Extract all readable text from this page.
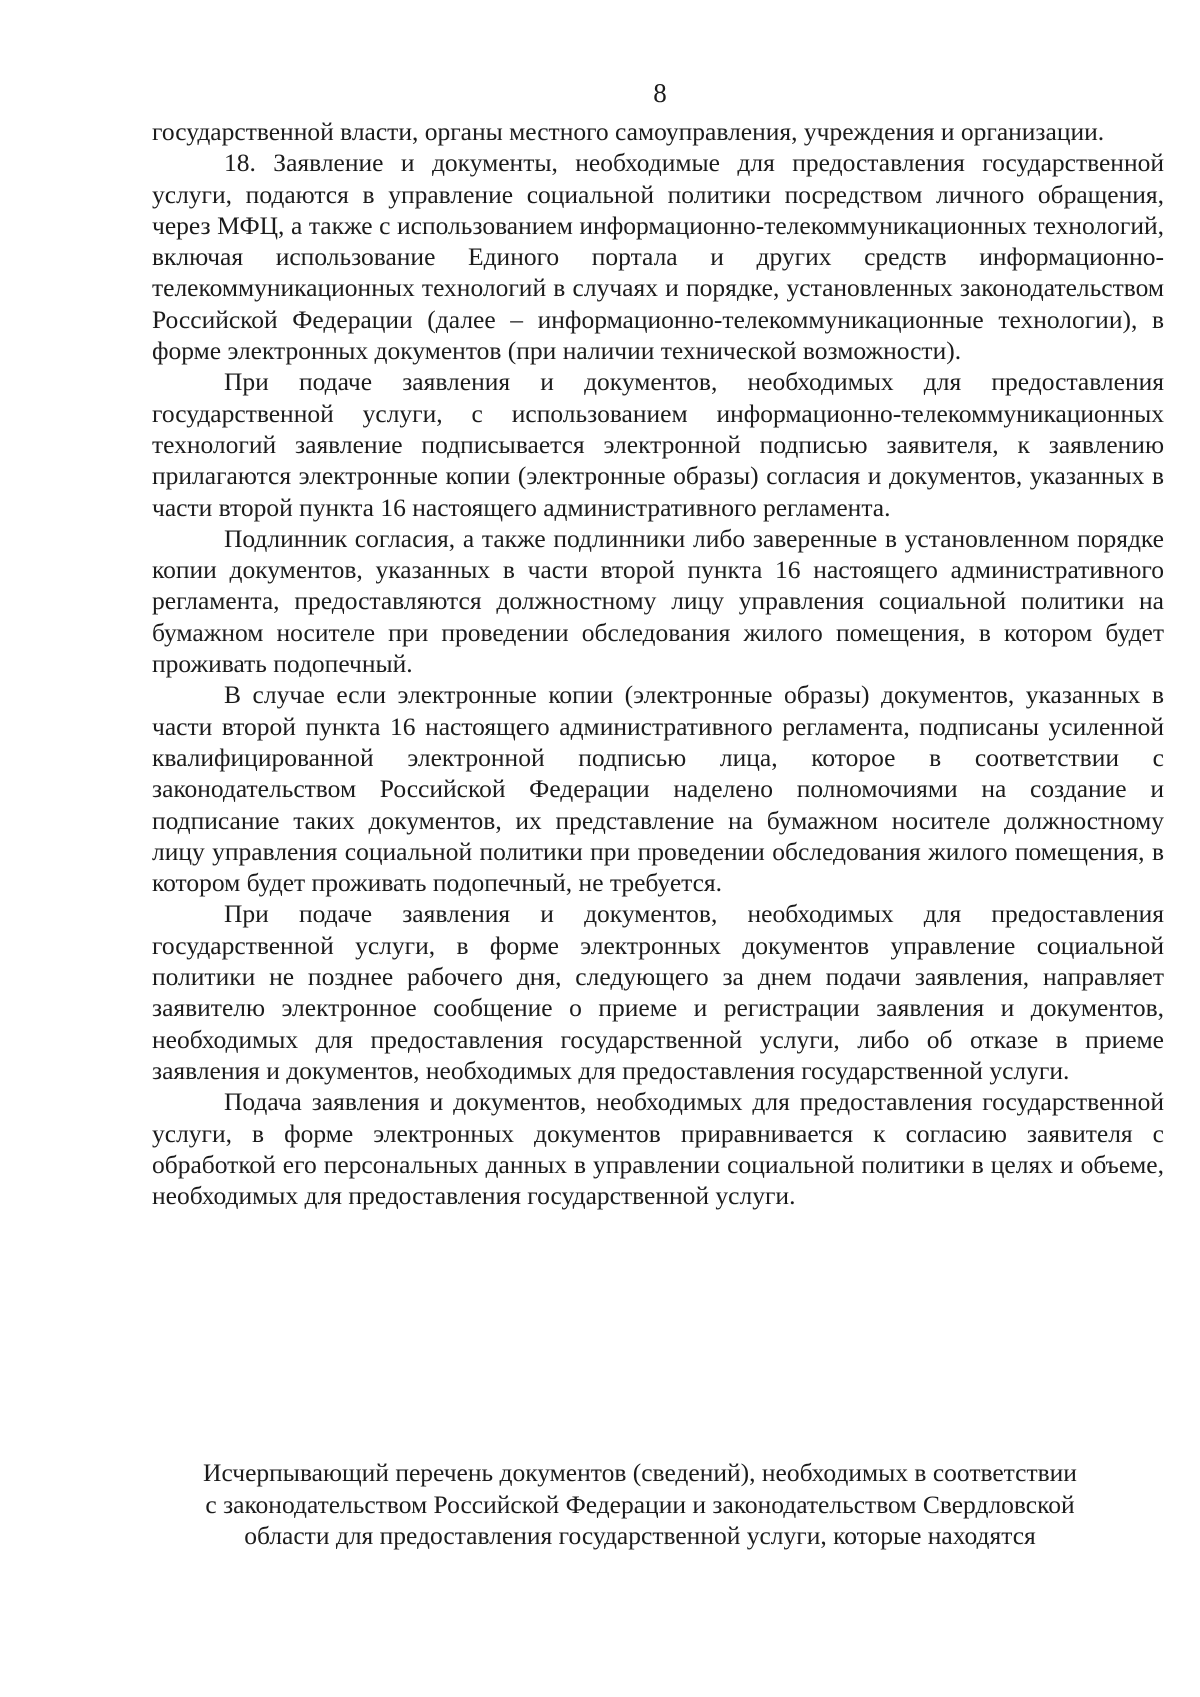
8

государственной власти, органы местного самоуправления, учреждения и организации.

18. Заявление и документы, необходимые для предоставления государственной услуги, подаются в управление социальной политики посредством личного обращения, через МФЦ, а также с использованием информационно-телекоммуникационных технологий, включая использование Единого портала и других средств информационно-телекоммуникационных технологий в случаях и порядке, установленных законодательством Российской Федерации (далее – информационно-телекоммуникационные технологии), в форме электронных документов (при наличии технической возможности).

При подаче заявления и документов, необходимых для предоставления государственной услуги, с использованием информационно-телекоммуникационных технологий заявление подписывается электронной подписью заявителя, к заявлению прилагаются электронные копии (электронные образы) согласия и документов, указанных в части второй пункта 16 настоящего административного регламента.

Подлинник согласия, а также подлинники либо заверенные в установленном порядке копии документов, указанных в части второй пункта 16 настоящего административного регламента, предоставляются должностному лицу управления социальной политики на бумажном носителе при проведении обследования жилого помещения, в котором будет проживать подопечный.

В случае если электронные копии (электронные образы) документов, указанных в части второй пункта 16 настоящего административного регламента, подписаны усиленной квалифицированной электронной подписью лица, которое в соответствии с законодательством Российской Федерации наделено полномочиями на создание и подписание таких документов, их представление на бумажном носителе должностному лицу управления социальной политики при проведении обследования жилого помещения, в котором будет проживать подопечный, не требуется.

При подаче заявления и документов, необходимых для предоставления государственной услуги, в форме электронных документов управление социальной политики не позднее рабочего дня, следующего за днем подачи заявления, направляет заявителю электронное сообщение о приеме и регистрации заявления и документов, необходимых для предоставления государственной услуги, либо об отказе в приеме заявления и документов, необходимых для предоставления государственной услуги.

Подача заявления и документов, необходимых для предоставления государственной услуги, в форме электронных документов приравнивается к согласию заявителя с обработкой его персональных данных в управлении социальной политики в целях и объеме, необходимых для предоставления государственной услуги.

Исчерпывающий перечень документов (сведений), необходимых в соответствии

с законодательством Российской Федерации и законодательством Свердловской

области для предоставления государственной услуги, которые находятся
